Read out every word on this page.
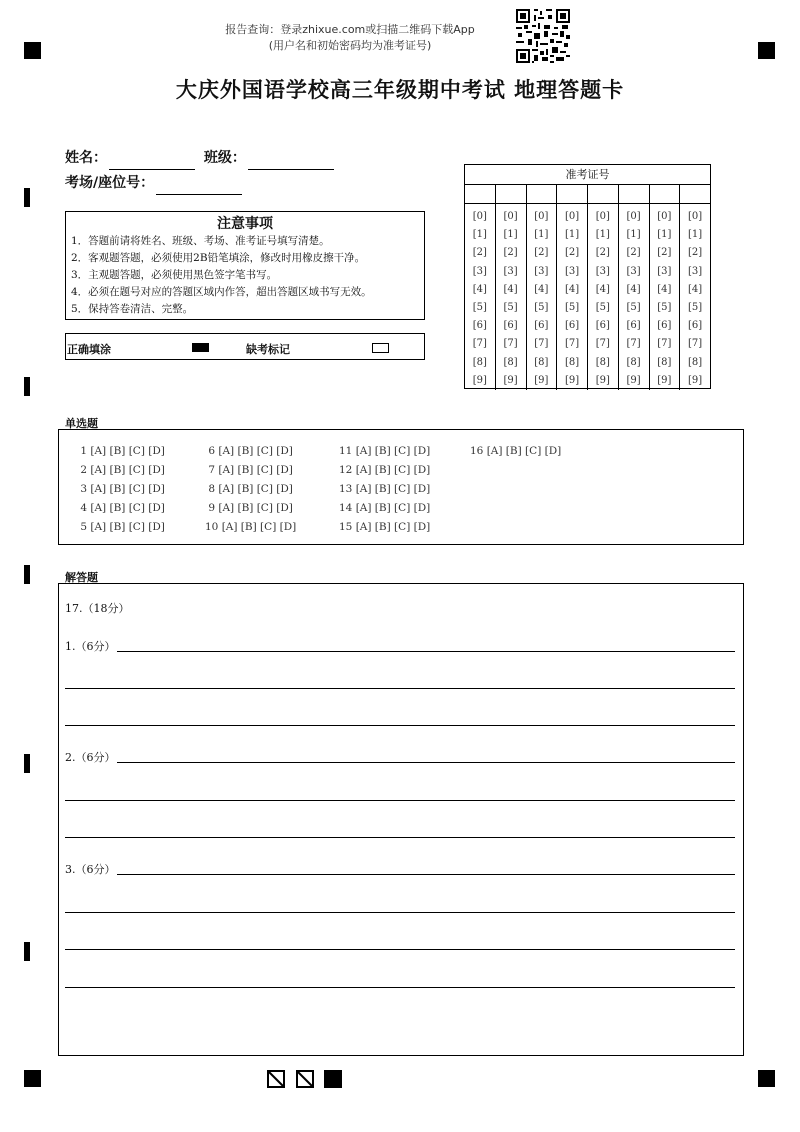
报告查询：登录zhixue.com或扫描二维码下载App
(用户名和初始密码均为准考证号)
大庆外国语学校高三年级期中考试 地理答题卡
姓名：	班级：
考场/座位号：
注意事项
1．答题前请将姓名、班级、考场、准考证号填写清楚。
2．客观题答题，必须使用2B铅笔填涂，修改时用橡皮擦干净。
3．主观题答题，必须使用黑色签字笔书写。
4．必须在题号对应的答题区域内作答，超出答题区域书写无效。
5．保持答卷清洁、完整。
正确填涂	缺考标记
准考证号
[0]
[1]
[2]
[3]
[4]
[5]
[6]
[7]
[8]
[9]
[0]
[1]
[2]
[3]
[4]
[5]
[6]
[7]
[8]
[9]
[0]
[1]
[2]
[3]
[4]
[5]
[6]
[7]
[8]
[9]
[0]
[1]
[2]
[3]
[4]
[5]
[6]
[7]
[8]
[9]
[0]
[1]
[2]
[3]
[4]
[5]
[6]
[7]
[8]
[9]
[0]
[1]
[2]
[3]
[4]
[5]
[6]
[7]
[8]
[9]
[0]
[1]
[2]
[3]
[4]
[5]
[6]
[7]
[8]
[9]
[0]
[1]
[2]
[3]
[4]
[5]
[6]
[7]
[8]
[9]
单选题
1 [A] [B] [C] [D]
2 [A] [B] [C] [D]
3 [A] [B] [C] [D]
4 [A] [B] [C] [D]
5 [A] [B] [C] [D]
6 [A] [B] [C] [D]
7 [A] [B] [C] [D]
8 [A] [B] [C] [D]
9 [A] [B] [C] [D]
10 [A] [B] [C] [D]
11 [A] [B] [C] [D]
12 [A] [B] [C] [D]
13 [A] [B] [C] [D]
14 [A] [B] [C] [D]
15 [A] [B] [C] [D]
16 [A] [B] [C] [D]
解答题
17.（18分）
1.（6分）
2.（6分）
3.（6分）
